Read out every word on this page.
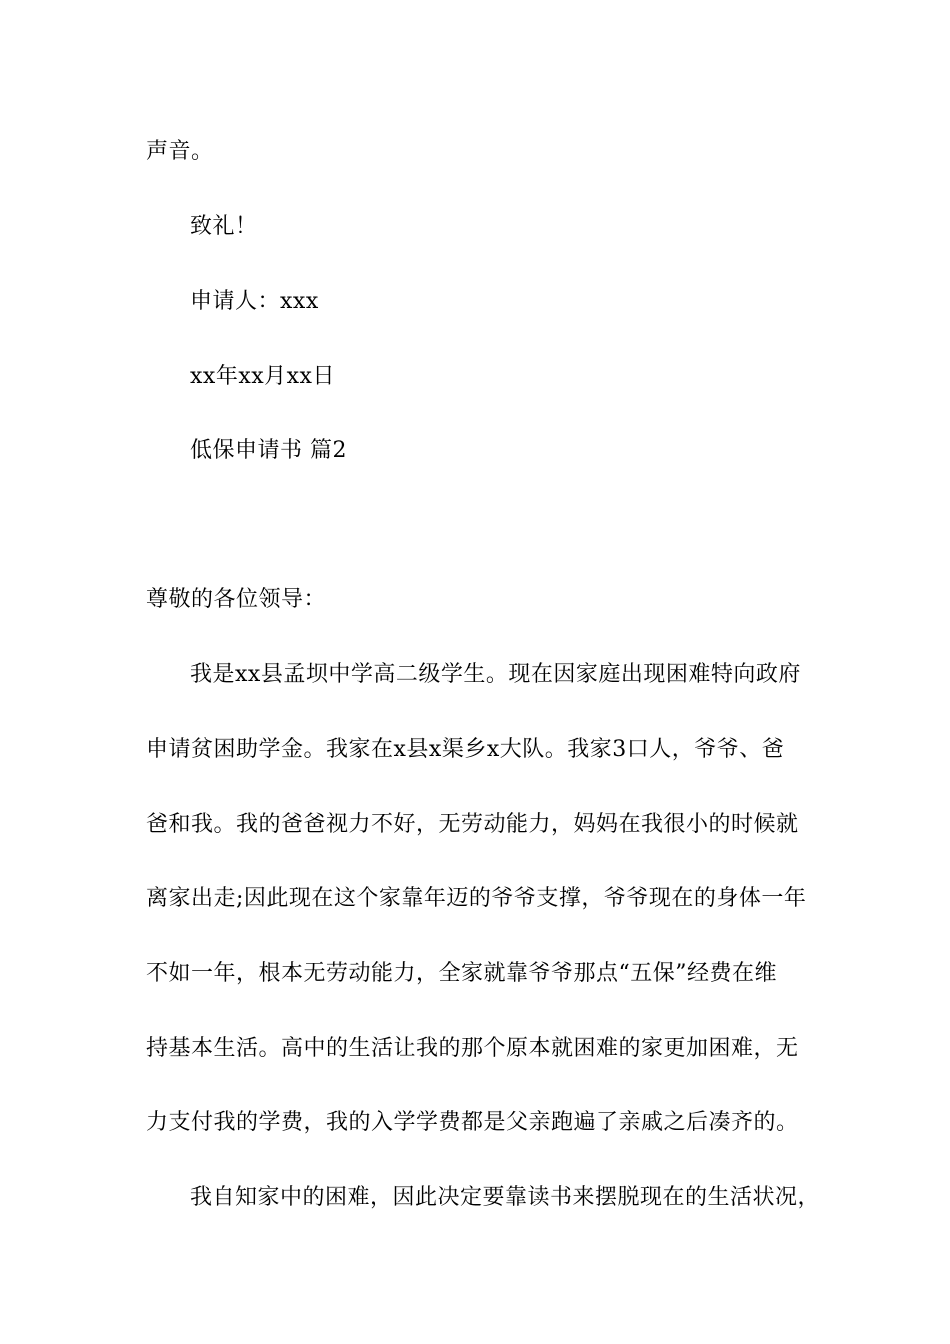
声音。
致礼！
申请人：xxx
xx年xx月xx日
低保申请书 篇2
尊敬的各位领导：
我是xx县孟坝中学高二级学生。现在因家庭出现困难特向政府
申请贫困助学金。我家在x县x渠乡x大队。我家3口人，爷爷、爸
爸和我。我的爸爸视力不好，无劳动能力，妈妈在我很小的时候就
离家出走;因此现在这个家靠年迈的爷爷支撑，爷爷现在的身体一年
不如一年，根本无劳动能力，全家就靠爷爷那点“五保”经费在维
持基本生活。高中的生活让我的那个原本就困难的家更加困难，无
力支付我的学费，我的入学学费都是父亲跑遍了亲戚之后凑齐的。
我自知家中的困难，因此决定要靠读书来摆脱现在的生活状况，
